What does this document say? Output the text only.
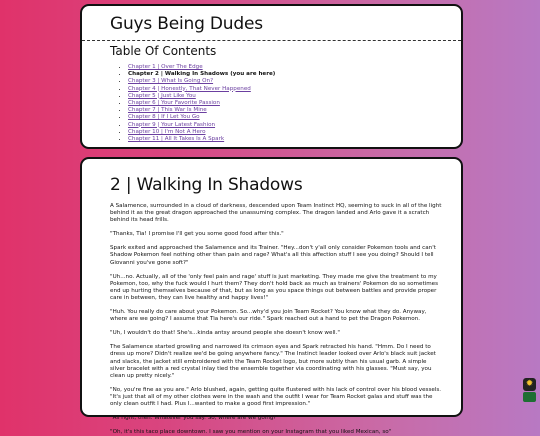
Guys Being Dudes
Table Of Contents
• Chapter 1 | Over The Edge
• Chapter 2 | Walking In Shadows (you are here)
• Chapter 3 | What Is Going On?
• Chapter 4 | Honestly, That Never Happened
• Chapter 5 | Just Like You
• Chapter 6 | Your Favorite Passion
• Chapter 7 | This War Is Mine
• Chapter 8 | If I Let You Go
• Chapter 9 | Your Latest Fashion
• Chapter 10 | I'm Not A Hero
• Chapter 11 | All It Takes Is A Spark
2 | Walking In Shadows

A Salamence, surrounded in a cloud of darkness, descended upon Team Instinct HQ, seeming to suck in all of the light behind it as the great dragon approached the unassuming complex. The dragon landed and Arlo gave it a scratch behind its head frills.

"Thanks, Tia! I promise I'll get you some good food after this."

Spark exited and approached the Salamence and its Trainer. "Hey...don't y'all only consider Pokemon tools and can't Shadow Pokemon feel nothing other than pain and rage? What's all this affection stuff I see you doing? Should I tell Giovanni you've gone soft?"

"Uh...no. Actually, all of the 'only feel pain and rage' stuff is just marketing. They made me give the treatment to my Pokemon, too, why the fuck would I hurt them? They don't hold back as much as trainers' Pokemon do so sometimes end up hurting themselves because of that, but as long as you space things out between battles and provide proper care in between, they can live healthy and happy lives!"

"Huh. You really do care about your Pokemon. So...why'd you join Team Rocket? You know what they do. Anyway, where are we going? I assume that Tia here's our ride." Spark reached out a hand to pet the Dragon Pokemon.

"Uh, I wouldn't do that! She's...kinda antsy around people she doesn't know well."

The Salamence started growling and narrowed its crimson eyes and Spark retracted his hand. "Hmm. Do I need to dress up more? Didn't realize we'd be going anywhere fancy." The Instinct leader looked over Arlo's black suit jacket and slacks, the jacket still embroidered with the Team Rocket logo, but more subtly than his usual garb. A simple silver bracelet with a red crystal inlay tied the ensemble together via coordinating with his glasses. "Must say, you clean up pretty nicely."

"No, you're fine as you are." Arlo blushed, again, getting quite flustered with his lack of control over his blood vessels. "It's just that all of my other clothes were in the wash and the outfit I wear for Team Rocket galas and stuff was the only clean outfit I had. Plus I...wanted to make a good first impression."

"All right, then. Whatever you say. So, where are we going?"

"Oh, it's this taco place downtown. I saw you mention on your Instagram that you liked Mexican, so"

✹
